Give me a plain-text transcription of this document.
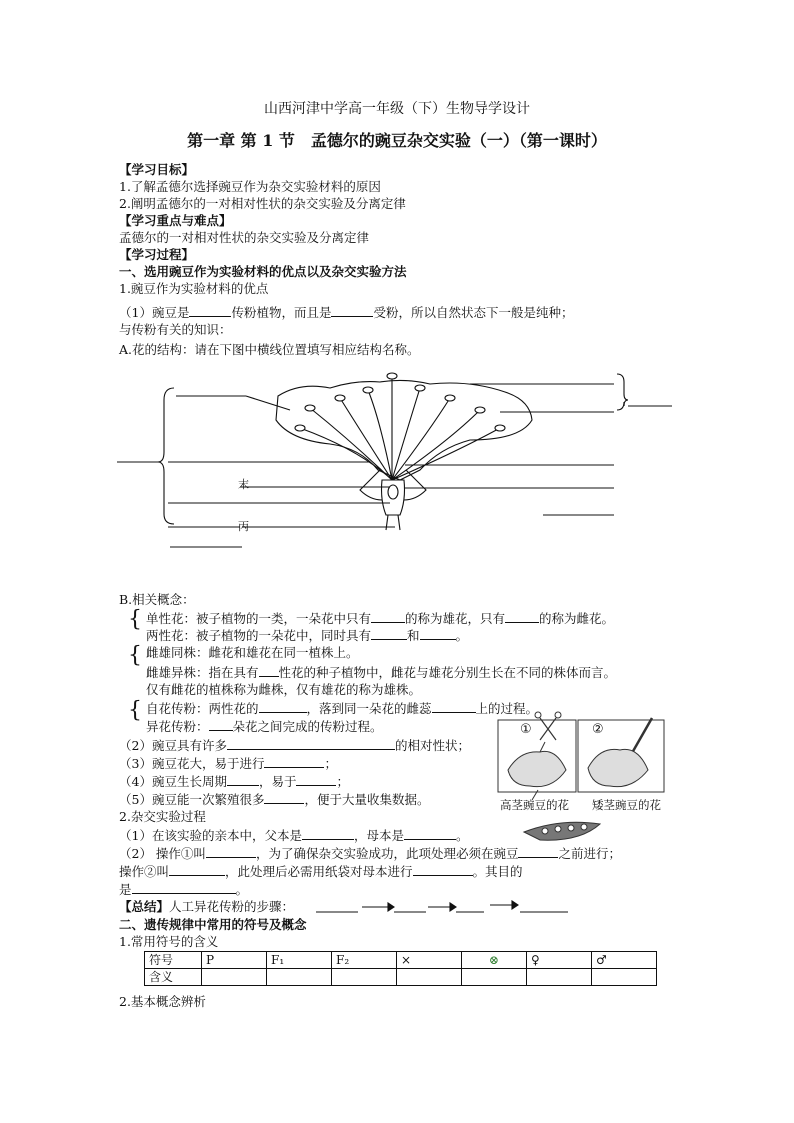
山西河津中学高一年级（下）生物导学设计
第一章 第 1 节　孟德尔的豌豆杂交实验（一）（第一课时）
【学习目标】
1.了解孟德尔选择豌豆作为杂交实验材料的原因
2.阐明孟德尔的一对相对性状的杂交实验及分离定律
【学习重点与难点】
孟德尔的一对相对性状的杂交实验及分离定律
【学习过程】
一、选用豌豆作为实验材料的优点以及杂交实验方法
1.豌豆作为实验材料的优点
（1）豌豆是	传粉植物，而且是	受粉，所以自然状态下一般是纯种；
与传粉有关的知识：
A.花的结构：请在下图中横线位置填写相应结构名称。
末
丙
B.相关概念：
{ 单性花：被子植物的一类，一朵花中只有	的称为雄花，只有	的称为雌花。
两性花：被子植物的一朵花中，同时具有	和	。
{ 雌雄同株：雌花和雄花在同一植株上。
雌雄异株：指在具有 性花的种子植物中，雌花与雄花分别生长在不同的株体而言。
仅有雌花的植株称为雌株，仅有雄花的称为雄株。
{ 自花传粉：两性花的	，落到同一朵花的雌蕊	上的过程。
异花传粉： 朵花之间完成的传粉过程。
（2）豌豆具有许多	的相对性状；
（3）豌豆花大，易于进行	；
（4）豌豆生长周期	，易于	；
（5）豌豆能一次繁殖很多	，便于大量收集数据。
①	②
高茎豌豆的花 矮茎豌豆的花
2.杂交实验过程
（1）在该实验的亲本中，父本是	，母本是	。
（2） 操作①叫	，为了确保杂交实验成功，此项处理必须在豌豆	之前进行；
操作②叫	，此处理后必需用纸袋对母本进行	。其目的
是	。
【总结】人工异花传粉的步骤：
二、遗传规律中常用的符号及概念
1.常用符号的含义
符号	P	F₁	F₂	×	⊗	♀	♂
含义							
2.基本概念辨析
